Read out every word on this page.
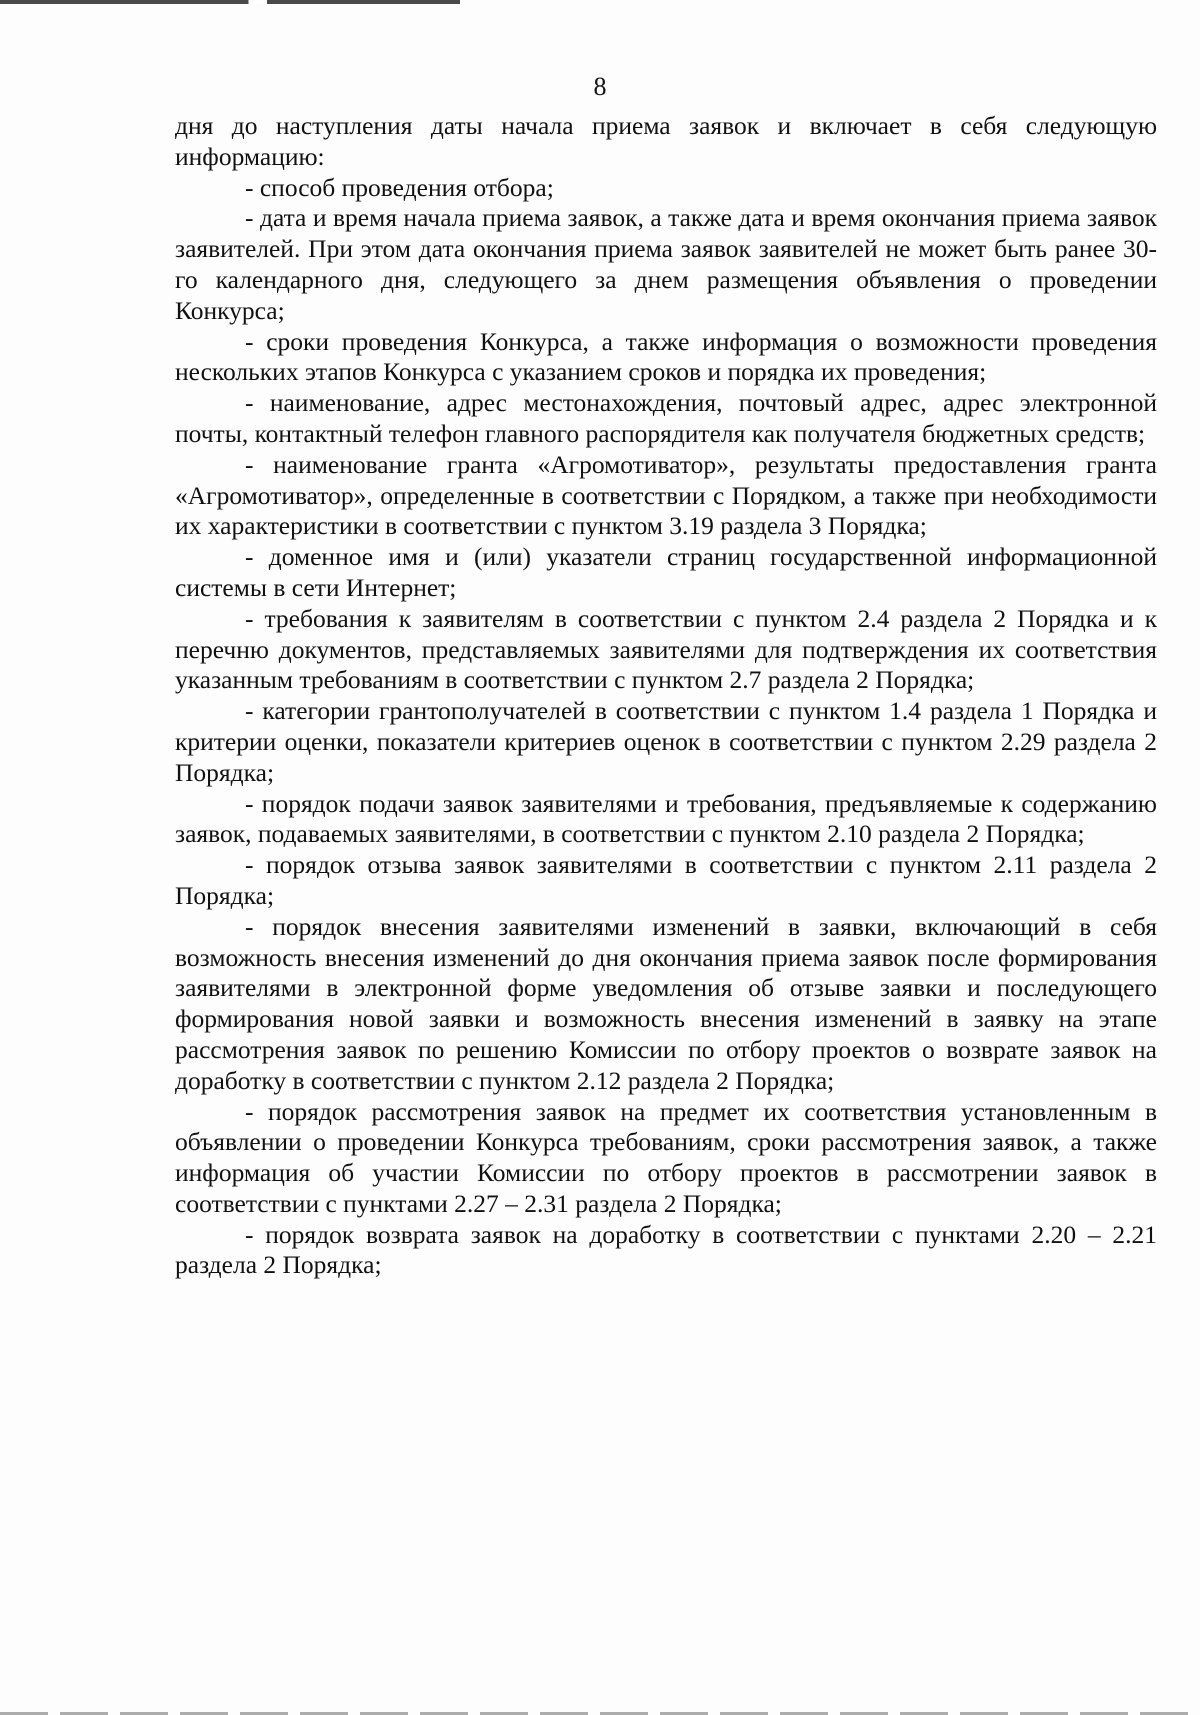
8

дня до наступления даты начала приема заявок и включает в себя следующую информацию:

- способ проведения отбора;

- дата и время начала приема заявок, а также дата и время окончания приема заявок заявителей. При этом дата окончания приема заявок заявителей не может быть ранее 30-го календарного дня, следующего за днем размещения объявления о проведении Конкурса;

- сроки проведения Конкурса, а также информация о возможности проведения нескольких этапов Конкурса с указанием сроков и порядка их проведения;

- наименование, адрес местонахождения, почтовый адрес, адрес электронной почты, контактный телефон главного распорядителя как получателя бюджетных средств;

- наименование гранта «Агромотиватор», результаты предоставления гранта «Агромотиватор», определенные в соответствии с Порядком, а также при необходимости их характеристики в соответствии с пунктом 3.19 раздела 3 Порядка;

- доменное имя и (или) указатели страниц государственной информационной системы в сети Интернет;

- требования к заявителям в соответствии с пунктом 2.4 раздела 2 Порядка и к перечню документов, представляемых заявителями для подтверждения их соответствия указанным требованиям в соответствии с пунктом 2.7 раздела 2 Порядка;

- категории грантополучателей в соответствии с пунктом 1.4 раздела 1 Порядка и критерии оценки, показатели критериев оценок в соответствии с пунктом 2.29 раздела 2 Порядка;

- порядок подачи заявок заявителями и требования, предъявляемые к содержанию заявок, подаваемых заявителями, в соответствии с пунктом 2.10 раздела 2 Порядка;

- порядок отзыва заявок заявителями в соответствии с пунктом 2.11 раздела 2 Порядка;

- порядок внесения заявителями изменений в заявки, включающий в себя возможность внесения изменений до дня окончания приема заявок после формирования заявителями в электронной форме уведомления об отзыве заявки и последующего формирования новой заявки и возможность внесения изменений в заявку на этапе рассмотрения заявок по решению Комиссии по отбору проектов о возврате заявок на доработку в соответствии с пунктом 2.12 раздела 2 Порядка;

- порядок рассмотрения заявок на предмет их соответствия установленным в объявлении о проведении Конкурса требованиям, сроки рассмотрения заявок, а также информация об участии Комиссии по отбору проектов в рассмотрении заявок в соответствии с пунктами 2.27 – 2.31 раздела 2 Порядка;

- порядок возврата заявок на доработку в соответствии с пунктами 2.20 – 2.21 раздела 2 Порядка;
